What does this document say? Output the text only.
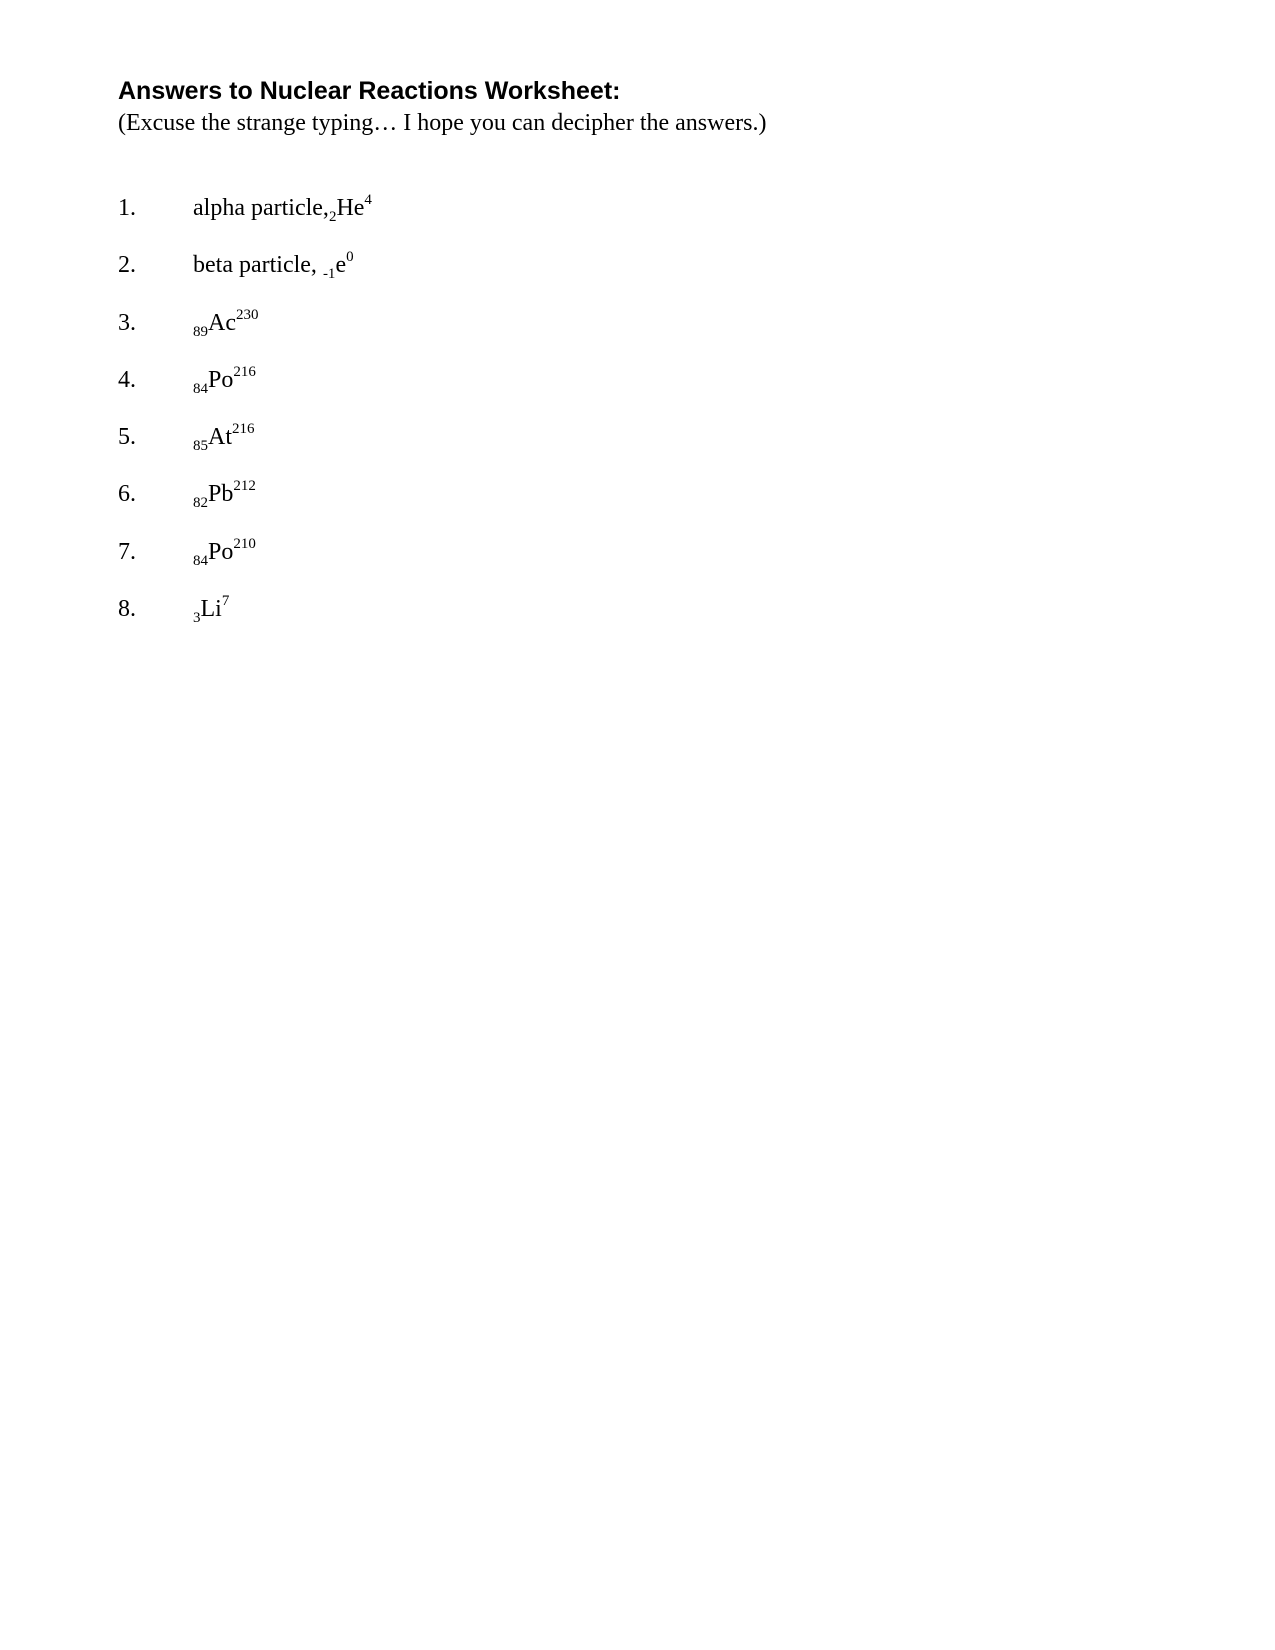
Answers to Nuclear Reactions Worksheet:
(Excuse the strange typing… I hope you can decipher the answers.)
1. alpha $particle,_2He^4$
2. beta particle, $_{-1}e^0$
3.	$_{89}Ac^{230}$
4.	$_{84}Po^{216}$
5.	$_{85}At^{216}$
6.	$_{82}Pb^{212}$
7.	$_{84}Po^{210}$
8.	$_3Li^7$
